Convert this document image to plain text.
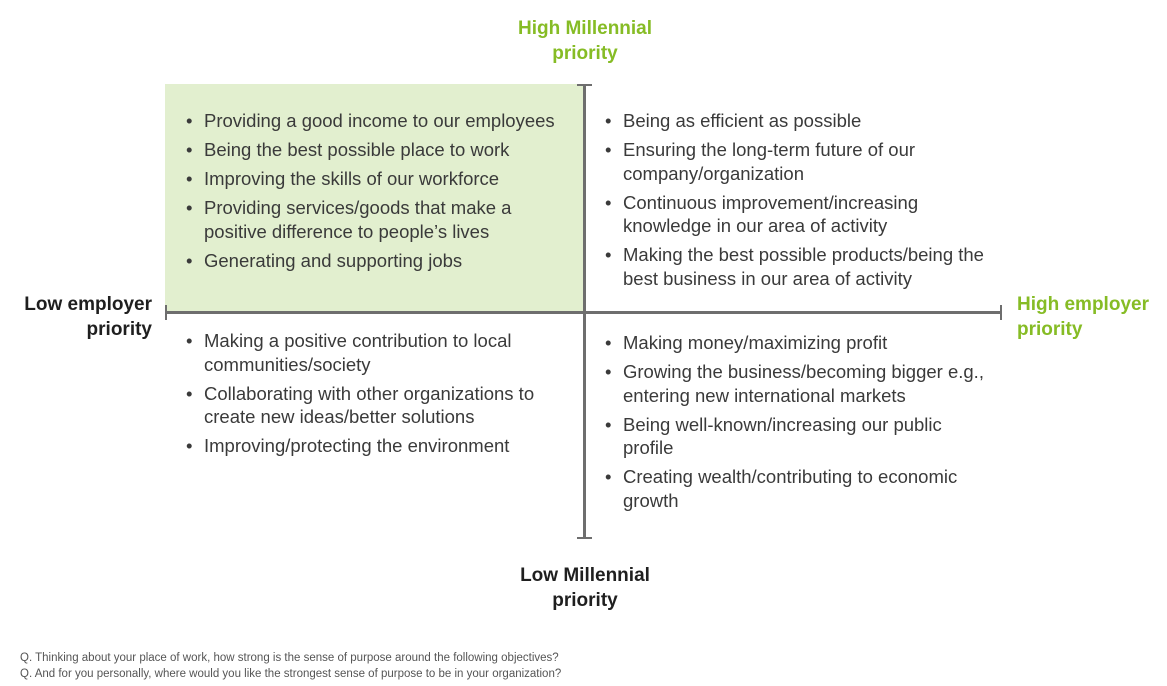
High Millennial
priority
Low Millennial
priority
Low employer
priority
High employer
priority
• Providing a good income to our employees
• Being the best possible place to work
• Improving the skills of our workforce
• Providing services/goods that make a positive difference to people’s lives
• Generating and supporting jobs
• Being as efficient as possible
• Ensuring the long-term future of our company/organization
• Continuous improvement/increasing knowledge in our area of activity
• Making the best possible products/being the best business in our area of activity
• Making a positive contribution to local communities/society
• Collaborating with other organizations to create new ideas/better solutions
• Improving/protecting the environment
• Making money/maximizing profit
• Growing the business/becoming bigger e.g., entering new international markets
• Being well-known/increasing our public profile
• Creating wealth/contributing to economic growth
Q. Thinking about your place of work, how strong is the sense of purpose around the following objectives?
Q. And for you personally, where would you like the strongest sense of purpose to be in your organization?
